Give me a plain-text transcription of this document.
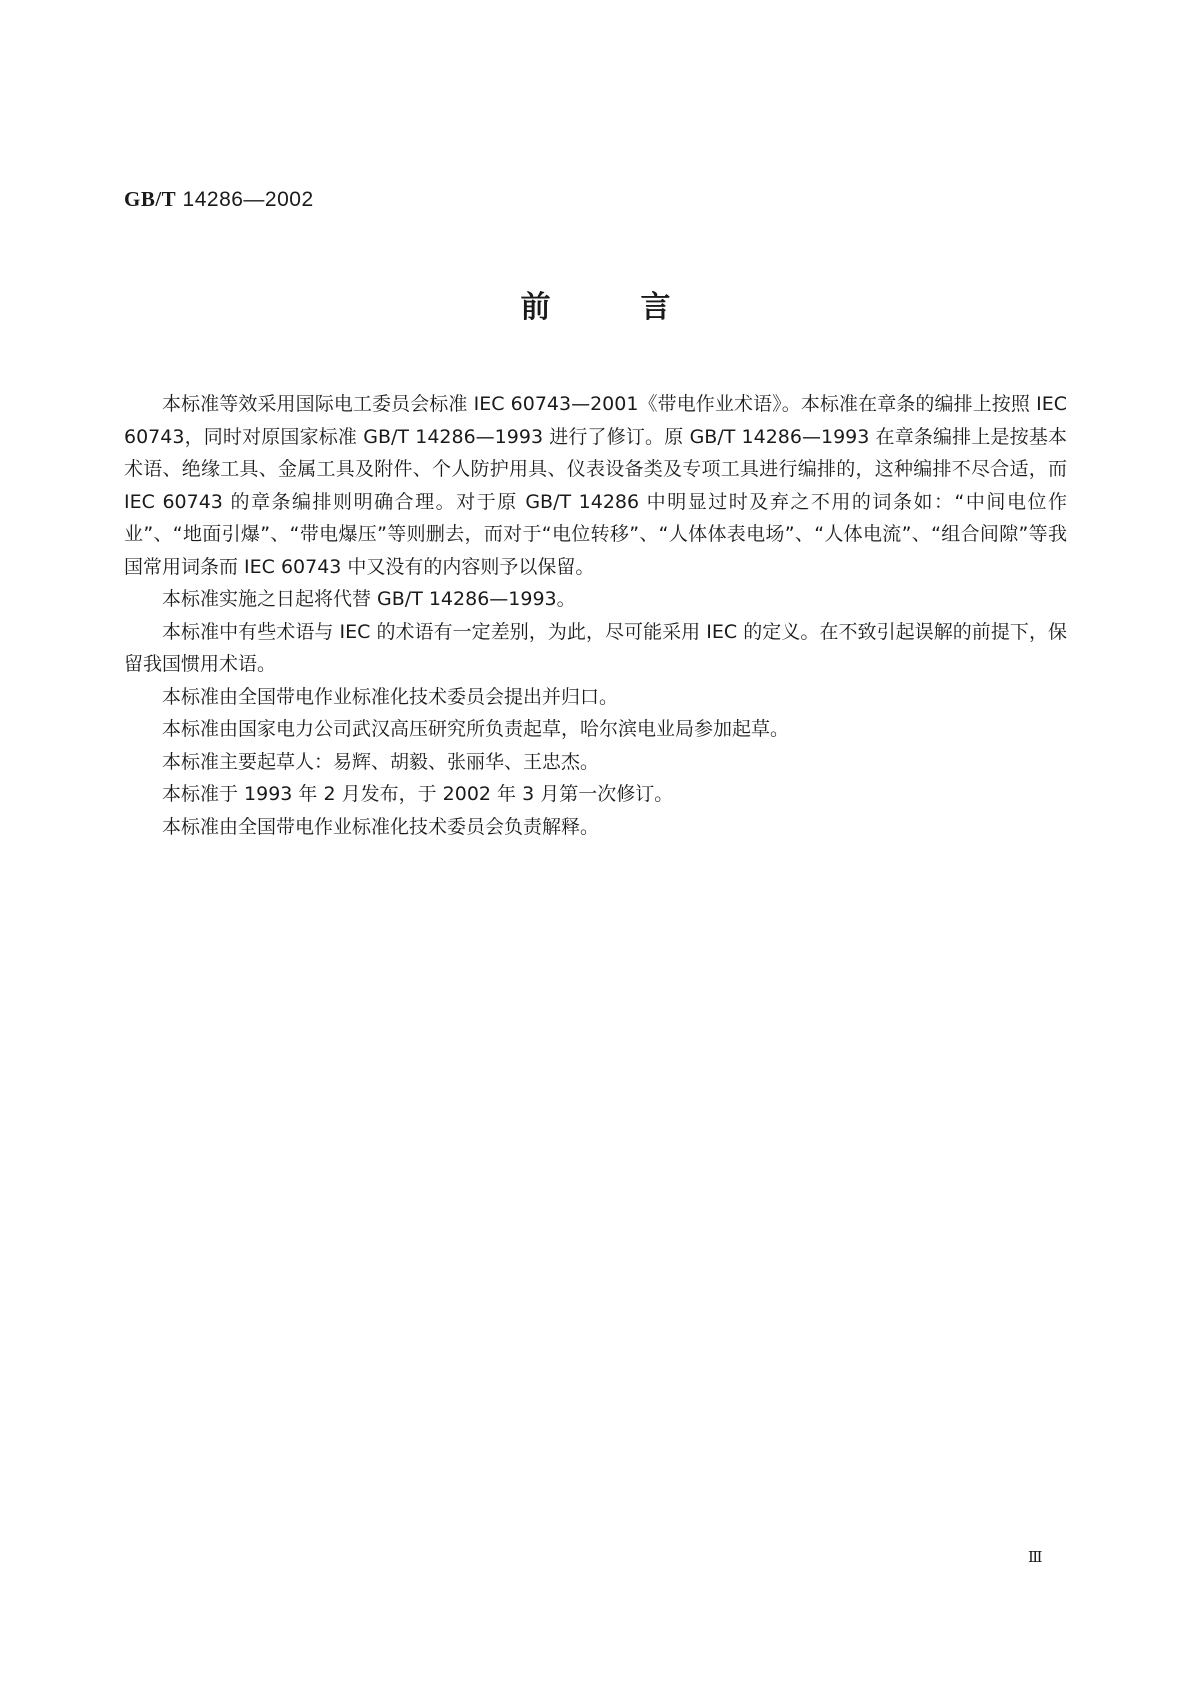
GB/T 14286—2002
前	言

本标准等效采用国际电工委员会标准 IEC 60743—2001《带电作业术语》。本标准在章条的编排上按照 IEC 60743，同时对原国家标准 GB/T 14286—1993 进行了修订。原 GB/T 14286—1993 在章条编排上是按基本术语、绝缘工具、金属工具及附件、个人防护用具、仪表设备类及专项工具进行编排的，这种编排不尽合适，而 IEC 60743 的章条编排则明确合理。对于原 GB/T 14286 中明显过时及弃之不用的词条如：“中间电位作业”、“地面引爆”、“带电爆压”等则删去，而对于“电位转移”、“人体体表电场”、“人体电流”、“组合间隙”等我国常用词条而 IEC 60743 中又没有的内容则予以保留。

本标准实施之日起将代替 GB/T 14286—1993。

本标准中有些术语与 IEC 的术语有一定差别，为此，尽可能采用 IEC 的定义。在不致引起误解的前提下，保留我国惯用术语。

本标准由全国带电作业标准化技术委员会提出并归口。

本标准由国家电力公司武汉高压研究所负责起草，哈尔滨电业局参加起草。

本标准主要起草人：易辉、胡毅、张丽华、王忠杰。

本标准于 1993 年 2 月发布，于 2002 年 3 月第一次修订。

本标准由全国带电作业标准化技术委员会负责解释。

Ⅲ
